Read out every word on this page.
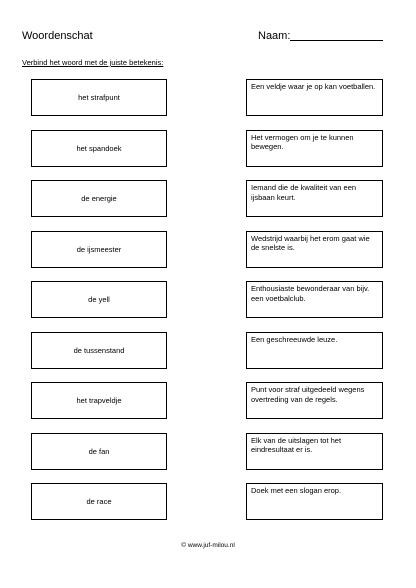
Woordenschat	Naam:
Verbind het woord met de juiste betekenis:
het strafpunt
het spandoek
de energie
de ijsmeester
de yell
de tussenstand
het trapveldje
de fan
de race
Een veldje waar je op kan voetballen.
Het vermogen om je te kunnen bewegen.
Iemand die de kwaliteit van een ijsbaan keurt.
Wedstrijd waarbij het erom gaat wie de snelste is.
Enthousiaste bewonderaar van bijv. een voetbalclub.
Een geschreeuwde leuze.
Punt voor straf uitgedeeld wegens overtreding van de regels.
Elk van de uitslagen tot het eindresultaat er is.
Doek met een slogan erop.
© www.juf-milou.nl
